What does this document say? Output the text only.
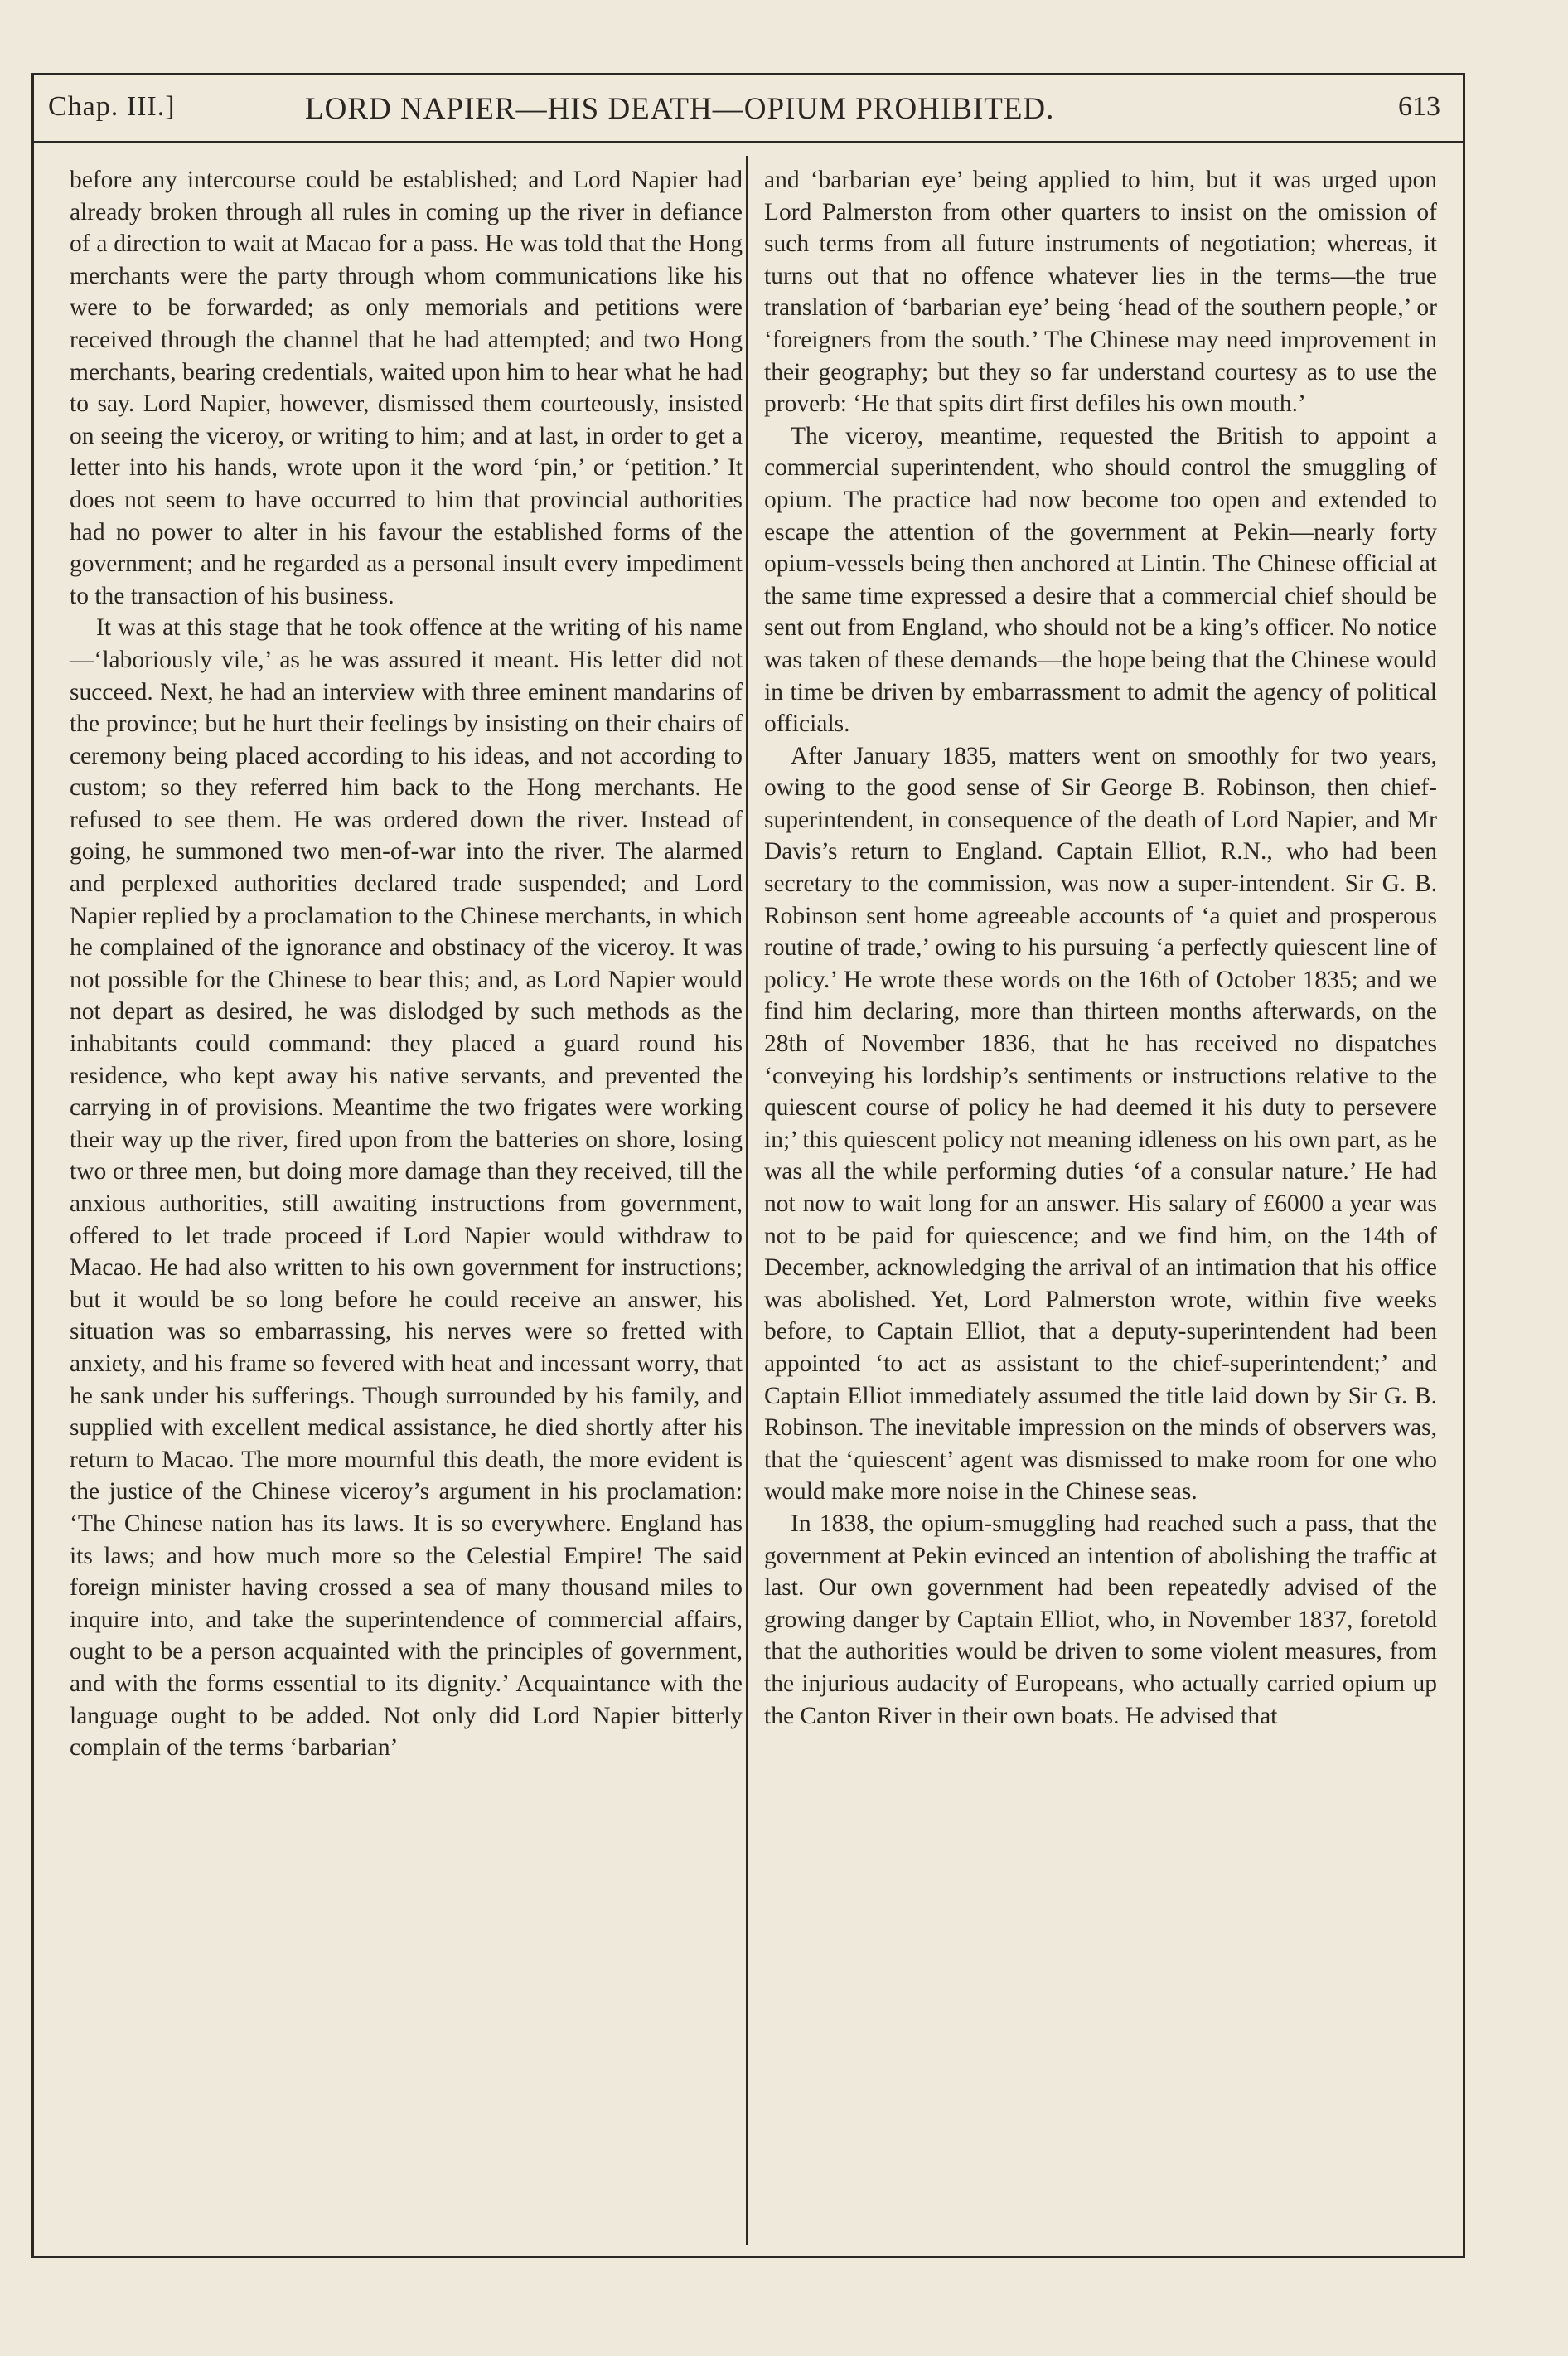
Chap. III.]	LORD NAPIER—HIS DEATH—OPIUM PROHIBITED.	613

before any intercourse could be established; and Lord Napier had already broken through all rules in coming up the river in defiance of a direction to wait at Macao for a pass. He was told that the Hong merchants were the party through whom communications like his were to be forwarded; as only memorials and petitions were received through the channel that he had attempted; and two Hong merchants, bearing credentials, waited upon him to hear what he had to say. Lord Napier, however, dismissed them courteously, insisted on seeing the viceroy, or writing to him; and at last, in order to get a letter into his hands, wrote upon it the word ‘pin,’ or ‘petition.’ It does not seem to have occurred to him that provincial authorities had no power to alter in his favour the established forms of the government; and he regarded as a personal insult every impediment to the transaction of his business.

It was at this stage that he took offence at the writing of his name—‘laboriously vile,’ as he was assured it meant. His letter did not succeed. Next, he had an interview with three eminent mandarins of the province; but he hurt their feelings by insisting on their chairs of ceremony being placed according to his ideas, and not according to custom; so they referred him back to the Hong merchants. He refused to see them. He was ordered down the river. Instead of going, he summoned two men-of-war into the river. The alarmed and perplexed authorities declared trade suspended; and Lord Napier replied by a proclamation to the Chinese merchants, in which he complained of the ignorance and obstinacy of the viceroy. It was not possible for the Chinese to bear this; and, as Lord Napier would not depart as desired, he was dislodged by such methods as the inhabitants could command: they placed a guard round his residence, who kept away his native servants, and prevented the carrying in of provisions. Meantime the two frigates were working their way up the river, fired upon from the batteries on shore, losing two or three men, but doing more damage than they received, till the anxious authorities, still awaiting instructions from government, offered to let trade proceed if Lord Napier would withdraw to Macao. He had also written to his own government for instructions; but it would be so long before he could receive an answer, his situation was so embarrassing, his nerves were so fretted with anxiety, and his frame so fevered with heat and incessant worry, that he sank under his sufferings. Though surrounded by his family, and supplied with excellent medical assistance, he died shortly after his return to Macao. The more mournful this death, the more evident is the justice of the Chinese viceroy’s argument in his proclamation: ‘The Chinese nation has its laws. It is so everywhere. England has its laws; and how much more so the Celestial Empire! The said foreign minister having crossed a sea of many thousand miles to inquire into, and take the superintendence of commercial affairs, ought to be a person acquainted with the principles of government, and with the forms essential to its dignity.’ Acquaintance with the language ought to be added. Not only did Lord Napier bitterly complain of the terms ‘barbarian’

and ‘barbarian eye’ being applied to him, but it was urged upon Lord Palmerston from other quarters to insist on the omission of such terms from all future instruments of negotiation; whereas, it turns out that no offence whatever lies in the terms—the true translation of ‘barbarian eye’ being ‘head of the southern people,’ or ‘foreigners from the south.’ The Chinese may need improvement in their geography; but they so far understand courtesy as to use the proverb: ‘He that spits dirt first defiles his own mouth.’

The viceroy, meantime, requested the British to appoint a commercial superintendent, who should control the smuggling of opium. The practice had now become too open and extended to escape the attention of the government at Pekin—nearly forty opium-vessels being then anchored at Lintin. The Chinese official at the same time expressed a desire that a commercial chief should be sent out from England, who should not be a king’s officer. No notice was taken of these demands—the hope being that the Chinese would in time be driven by embarrassment to admit the agency of political officials.

After January 1835, matters went on smoothly for two years, owing to the good sense of Sir George B. Robinson, then chief-superintendent, in consequence of the death of Lord Napier, and Mr Davis’s return to England. Captain Elliot, R.N., who had been secretary to the commission, was now a super-intendent. Sir G. B. Robinson sent home agreeable accounts of ‘a quiet and prosperous routine of trade,’ owing to his pursuing ‘a perfectly quiescent line of policy.’ He wrote these words on the 16th of October 1835; and we find him declaring, more than thirteen months afterwards, on the 28th of November 1836, that he has received no dispatches ‘conveying his lordship’s sentiments or instructions relative to the quiescent course of policy he had deemed it his duty to persevere in;’ this quiescent policy not meaning idleness on his own part, as he was all the while performing duties ‘of a consular nature.’ He had not now to wait long for an answer. His salary of £6000 a year was not to be paid for quiescence; and we find him, on the 14th of December, acknowledging the arrival of an intimation that his office was abolished. Yet, Lord Palmerston wrote, within five weeks before, to Captain Elliot, that a deputy-superintendent had been appointed ‘to act as assistant to the chief-superintendent;’ and Captain Elliot immediately assumed the title laid down by Sir G. B. Robinson. The inevitable impression on the minds of observers was, that the ‘quiescent’ agent was dismissed to make room for one who would make more noise in the Chinese seas.

In 1838, the opium-smuggling had reached such a pass, that the government at Pekin evinced an intention of abolishing the traffic at last. Our own government had been repeatedly advised of the growing danger by Captain Elliot, who, in November 1837, foretold that the authorities would be driven to some violent measures, from the injurious audacity of Europeans, who actually carried opium up the Canton River in their own boats. He advised that
